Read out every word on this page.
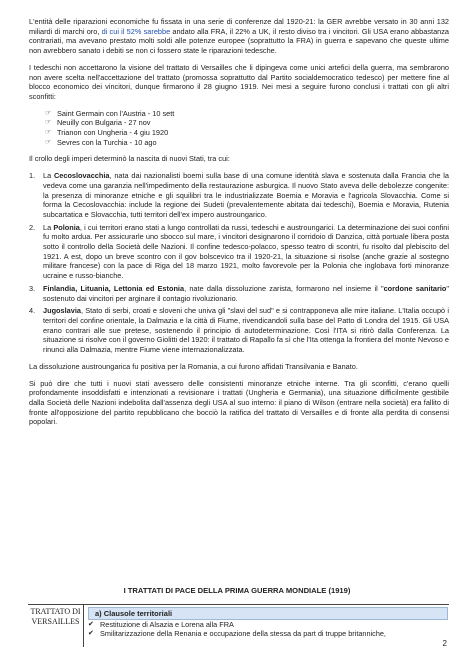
L'entità delle riparazioni economiche fu fissata in una serie di conferenze dal 1920-21: la GER avrebbe versato in 30 anni 132 miliardi di marchi oro, di cui il 52% sarebbe andato alla FRA, il 22% a UK, il resto diviso tra i vincitori. Gli USA erano abbastanza contrariati, ma avevano prestato molti soldi alle potenze europee (soprattutto la FRA) in guerra e sapevano che queste ultime non avrebbero sanato i debiti se non ci fossero state le riparazioni tedesche.

I tedeschi non accettarono la visione del trattato di Versailles che li dipingeva come unici artefici della guerra, ma sembrarono non avere scelta nell'accettazione del trattato (promossa soprattutto dal Partito socialdemocratico tedesco) per mettere fine al blocco economico dei vincitori, dunque firmarono il 28 giugno 1919. Nei mesi a seguire furono conclusi i trattati con gli altri sconfitti:

☞ Saint Germain con l'Austria - 10 sett
☞ Neuilly con Bulgaria - 27 nov
☞ Trianon con Ungheria - 4 giu 1920
☞ Sevres con la Turchia - 10 ago

Il crollo degli imperi determinò la nascita di nuovi Stati, tra cui:

1.	La Cecoslovacchia, nata dai nazionalisti boemi sulla base di una comune identità slava e sostenuta dalla Francia che la vedeva come una garanzia nell'impedimento della restaurazione asburgica. Il nuovo Stato aveva delle debolezze congenite: la presenza di minoranze etniche e gli squilibri tra le industrializzate Boemia e Moravia e l'agricola Slovacchia. Come si forma la Cecoslovacchia: include la regione dei Sudeti (prevalentemente abitata dai tedeschi), Boemia e Moravia, Rutenia subcartatica e Slovacchia, tutti territori dell'ex impero austroungarico.
2.	La Polonia, i cui territori erano stati a lungo controllati da russi, tedeschi e austroungarici. La determinazione dei suoi confini fu molto ardua. Per assicurarle uno sbocco sul mare, i vincitori designarono il corridoio di Danzica, città portuale libera posta sotto il controllo della Società delle Nazioni. Il confine tedesco-polacco, spesso teatro di scontri, fu risolto dal plebiscito del 1921. A est, dopo un breve scontro con il gov bolscevico tra il 1920-21, la situazione si risolse (anche grazie al sostegno militare francese) con la pace di Riga del 18 marzo 1921, molto favorevole per la Polonia che inglobava forti minoranze ucraine e russo-bianche.
3.	Finlandia, Lituania, Lettonia ed Estonia, nate dalla dissoluzione zarista, formarono nel insieme il "cordone sanitario" sostenuto dai vincitori per arginare il contagio rivoluzionario.
4.	Jugoslavia, Stato di serbi, croati e sloveni che univa gli "slavi del sud" e si contrapponeva alle mire italiane. L'Italia occupò i territori del confine orientale, la Dalmazia e la città di Fiume, rivendicandoli sulla base del Patto di Londra del 1915. Gli USA erano contrari alle sue pretese, sostenendo il principio di autodeterminazione. Così l'ITA si ritirò dalla Conferenza. La situazione si risolve con il governo Giolitti del 1920: il trattato di Rapallo fa sì che l'Ita ottenga la frontiera del monte Nevoso e rinunci alla Dalmazia, mentre Fiume viene internazionalizzata.

La dissoluzione austroungarica fu positiva per la Romania, a cui furono affidati Transilvania e Banato.

Si può dire che tutti i nuovi stati avessero delle consistenti minoranze etniche interne. Tra gli sconfitti, c'erano quelli profondamente insoddisfatti e intenzionati a revisionare i trattati (Ungheria e Germania), una situazione difficilmente gestibile dalla Società delle Nazioni indebolita dall'assenza degli USA al suo interno: il piano di Wilson (entrare nella società) era fallito di fronte all'opposizione del partito repubblicano che bocciò la ratifica del trattato di Versailles e di fronte alla perdita di consensi popolari.

I TRATTATI DI PACE DELLA PRIMA GUERRA MONDIALE (1919)
TRATTATO DI VERSAILLES
a) Clausole territoriali
✔ Restituzione di Alsazia e Lorena alla FRA
✔ Smilitarizzazione della Renania e occupazione della stessa da part di truppe britanniche,
2
